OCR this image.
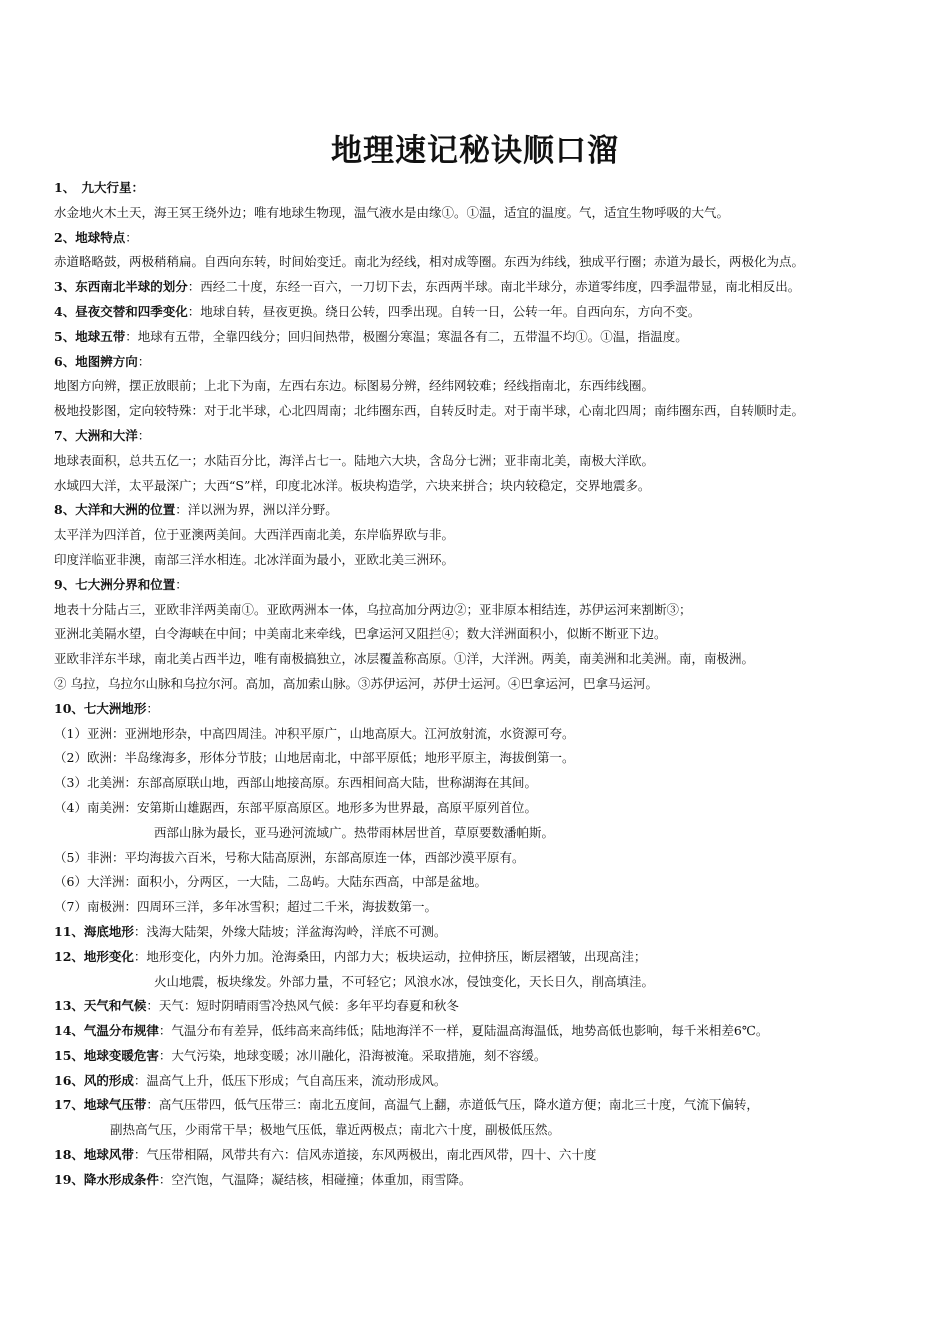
地理速记秘诀顺口溜
1、　九大行星：
水金地火木土天，海王冥王绕外边；唯有地球生物现，温气液水是由缘①。①温，适宜的温度。气，适宜生物呼吸的大气。
2、地球特点：
赤道略略鼓，两极稍稍扁。自西向东转，时间始变迁。南北为经线，相对成等圈。东西为纬线，独成平行圈；赤道为最长，两极化为点。
3、东西南北半球的划分：西经二十度，东经一百六，一刀切下去，东西两半球。南北半球分，赤道零纬度，四季温带显，南北相反出。
4、昼夜交替和四季变化：地球自转，昼夜更换。绕日公转，四季出现。自转一日，公转一年。自西向东，方向不变。
5、地球五带：地球有五带，全靠四线分；回归间热带，极圈分寒温；寒温各有二，五带温不均①。①温，指温度。
6、地图辨方向：
地图方向辨，摆正放眼前；上北下为南，左西右东边。标图易分辨，经纬网较难；经线指南北，东西纬线圈。
极地投影图，定向较特殊：对于北半球，心北四周南；北纬圈东西，自转反时走。对于南半球，心南北四周；南纬圈东西，自转顺时走。
7、大洲和大洋：
地球表面积，总共五亿一；水陆百分比，海洋占七一。陆地六大块，含岛分七洲；亚非南北美，南极大洋欧。
水域四大洋，太平最深广；大西“S”样，印度北冰洋。板块构造学，六块来拼合；块内较稳定，交界地震多。
8、大洋和大洲的位置：洋以洲为界，洲以洋分野。
太平洋为四洋首，位于亚澳两美间。大西洋西南北美，东岸临界欧与非。
印度洋临亚非澳，南部三洋水相连。北冰洋面为最小，亚欧北美三洲环。
9、七大洲分界和位置：
地表十分陆占三，亚欧非洋两美南①。亚欧两洲本一体，乌拉高加分两边②；亚非原本相结连，苏伊运河来割断③；
亚洲北美隔水望，白令海峡在中间；中美南北来牵线，巴拿运河又阻拦④；数大洋洲面积小，似断不断亚下边。
亚欧非洋东半球，南北美占西半边，唯有南极搞独立，冰层覆盖称高原。①洋，大洋洲。两美，南美洲和北美洲。南，南极洲。
② 乌拉，乌拉尔山脉和乌拉尔河。高加，高加索山脉。③苏伊运河，苏伊士运河。④巴拿运河，巴拿马运河。
10、七大洲地形：
（1）亚洲：亚洲地形杂，中高四周洼。冲积平原广，山地高原大。江河放射流，水资源可夸。
（2）欧洲：半岛缘海多，形体分节肢；山地居南北，中部平原低；地形平原主，海拔倒第一。
（3）北美洲：东部高原联山地，西部山地接高原。东西相间高大陆，世称湖海在其间。
（4）南美洲：安第斯山雄踞西，东部平原高原区。地形多为世界最，高原平原列首位。
西部山脉为最长，亚马逊河流域广。热带雨林居世首，草原要数潘帕斯。
（5）非洲：平均海拔六百米，号称大陆高原洲，东部高原连一体，西部沙漠平原有。
（6）大洋洲：面积小，分两区，一大陆，二岛屿。大陆东西高，中部是盆地。
（7）南极洲：四周环三洋，多年冰雪积；超过二千米，海拔数第一。
11、海底地形：浅海大陆架，外缘大陆坡；洋盆海沟岭，洋底不可测。
12、地形变化：地形变化，内外力加。沧海桑田，内部力大；板块运动，拉伸挤压，断层褶皱，出现高洼；
火山地震，板块缘发。外部力量，不可轻它；风浪水冰，侵蚀变化，天长日久，削高填洼。
13、天气和气候：天气：短时阴晴雨雪冷热风气候：多年平均春夏和秋冬
14、气温分布规律：气温分布有差异，低纬高来高纬低；陆地海洋不一样，夏陆温高海温低，地势高低也影响，每千米相差6℃。
15、地球变暖危害：大气污染，地球变暖；冰川融化，沿海被淹。采取措施，刻不容缓。
16、风的形成：温高气上升，低压下形成；气自高压来，流动形成风。
17、地球气压带：高气压带四，低气压带三：南北五度间，高温气上翻，赤道低气压，降水道方便；南北三十度，气流下偏转，
副热高气压，少雨常干旱；极地气压低，靠近两极点；南北六十度，副极低压然。
18、地球风带：气压带相隔，风带共有六：信风赤道接，东风两极出，南北西风带，四十、六十度
19、降水形成条件：空汽饱，气温降；凝结核，相碰撞；体重加，雨雪降。
